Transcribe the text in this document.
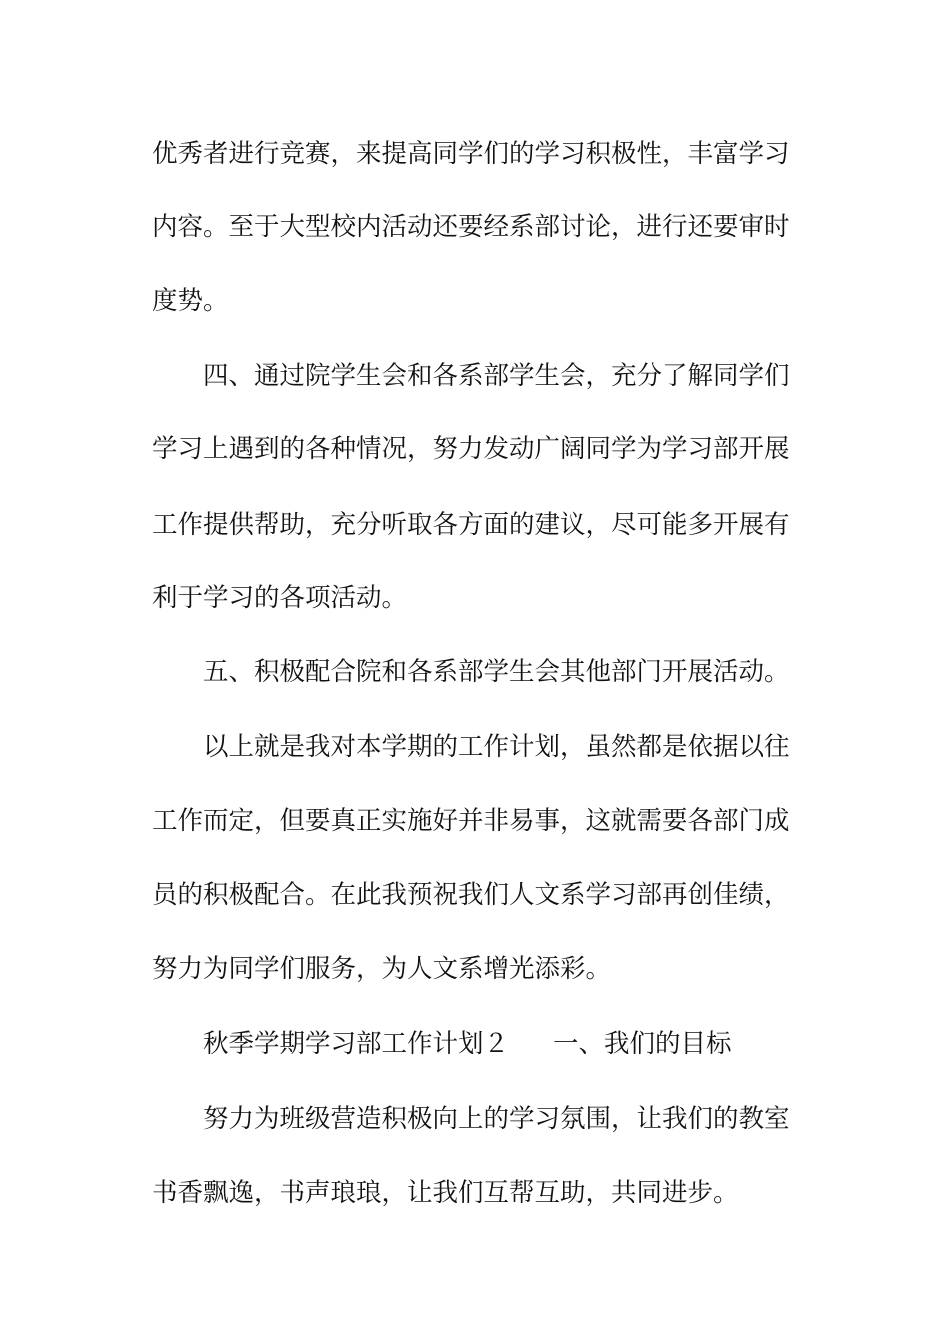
优秀者进行竞赛，来提高同学们的学习积极性，丰富学习
内容。至于大型校内活动还要经系部讨论，进行还要审时
度势。
四、通过院学生会和各系部学生会，充分了解同学们
学习上遇到的各种情况，努力发动广阔同学为学习部开展
工作提供帮助，充分听取各方面的建议，尽可能多开展有
利于学习的各项活动。
五、积极配合院和各系部学生会其他部门开展活动。
以上就是我对本学期的工作计划，虽然都是依据以往
工作而定，但要真正实施好并非易事，这就需要各部门成
员的积极配合。在此我预祝我们人文系学习部再创佳绩，
努力为同学们服务，为人文系增光添彩。
秋季学期学习部工作计划２ 一、我们的目标
努力为班级营造积极向上的学习氛围，让我们的教室
书香飘逸，书声琅琅，让我们互帮互助，共同进步。
